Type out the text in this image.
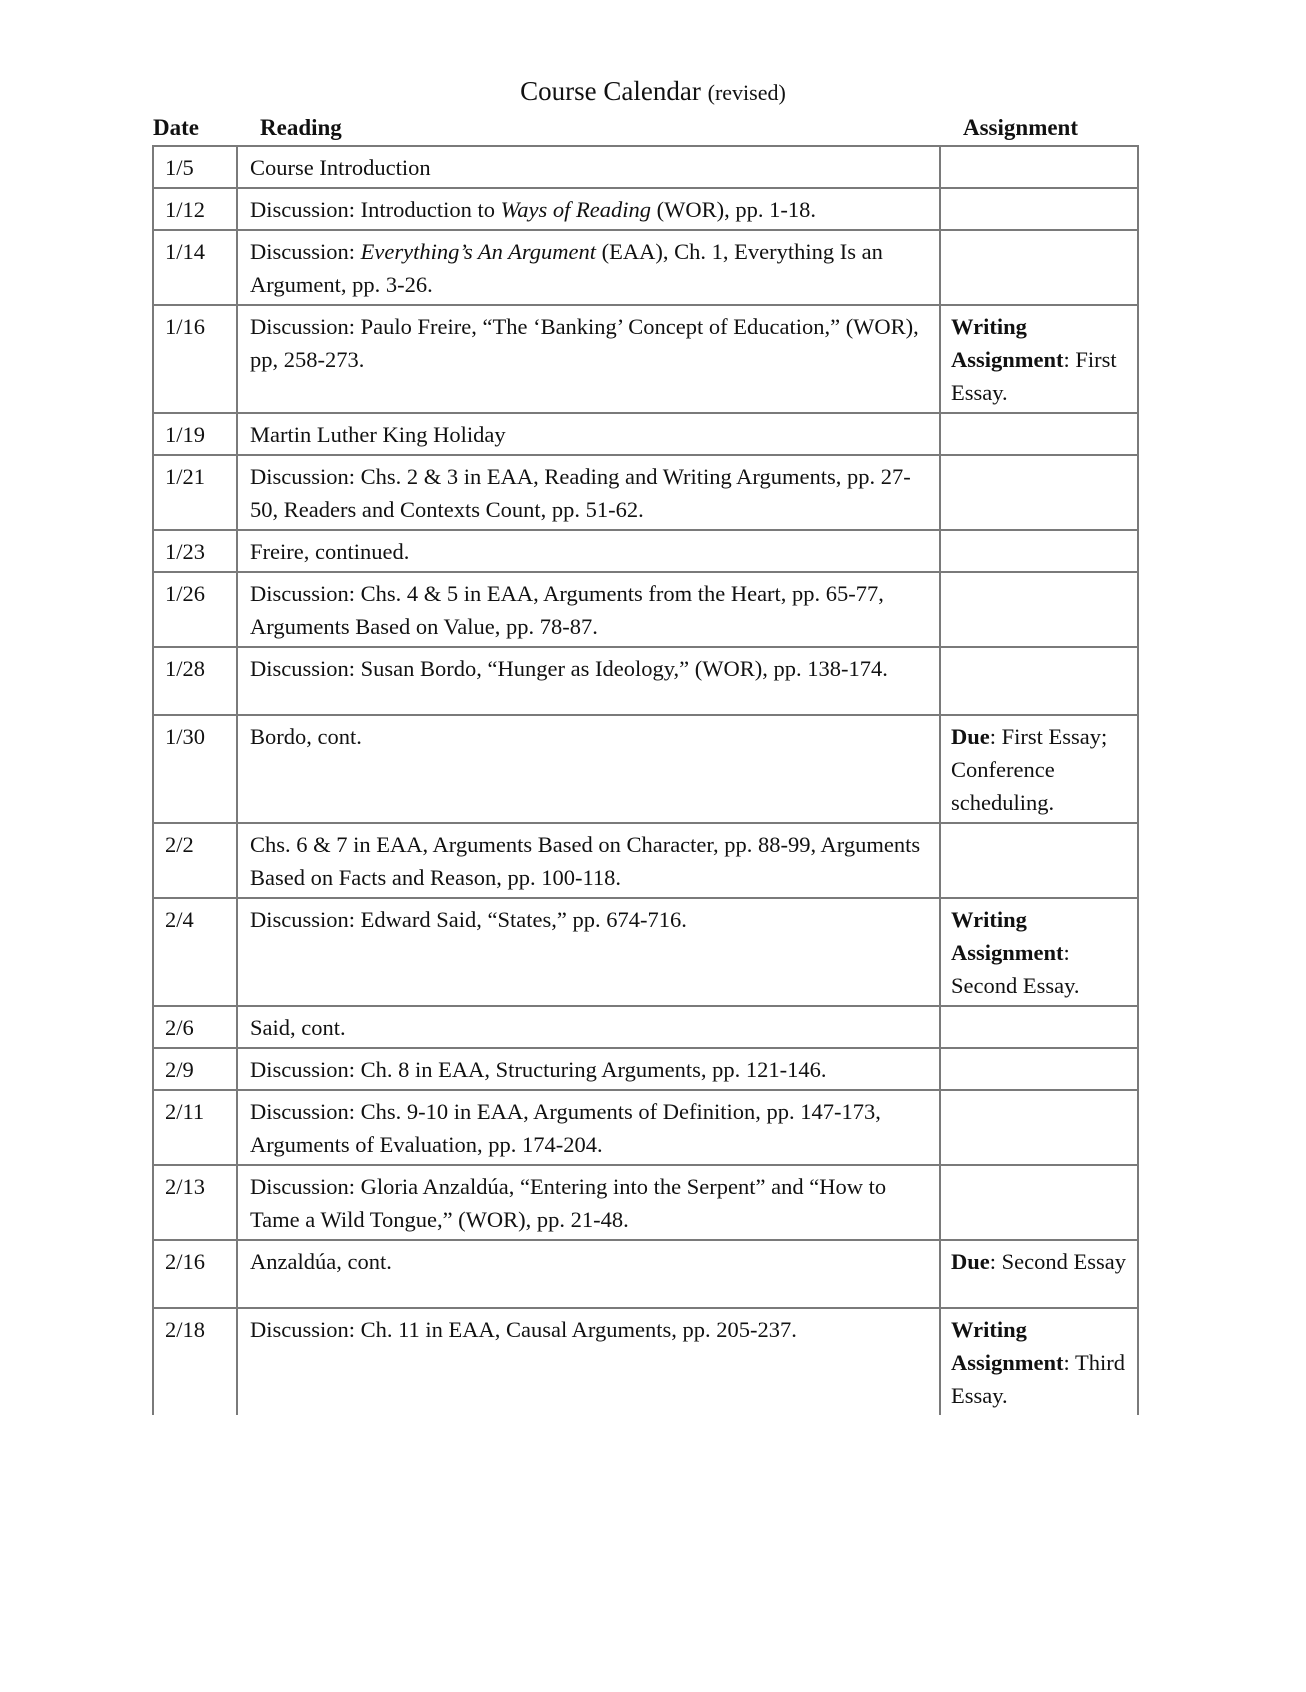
Course Calendar (revised)
Date	Reading	Assignment
1/5	Course Introduction	
1/12	Discussion: Introduction to Ways of Reading (WOR), pp. 1-18.	
1/14	Discussion: Everything’s An Argument (EAA), Ch. 1, Everything Is an Argument, pp. 3-26.	
1/16	Discussion: Paulo Freire, “The ‘Banking’ Concept of Education,” (WOR), pp, 258-273.	Writing Assignment: First Essay.
1/19	Martin Luther King Holiday	
1/21	Discussion: Chs. 2 & 3 in EAA, Reading and Writing Arguments, pp. 27-50, Readers and Contexts Count, pp. 51-62.	
1/23	Freire, continued.	
1/26	Discussion: Chs. 4 & 5 in EAA, Arguments from the Heart, pp. 65-77, Arguments Based on Value, pp. 78-87.	
1/28	Discussion: Susan Bordo, “Hunger as Ideology,” (WOR), pp. 138-174.	
1/30	Bordo, cont.	Due: First Essay; Conference scheduling.
2/2	Chs. 6 & 7 in EAA, Arguments Based on Character, pp. 88-99, Arguments Based on Facts and Reason, pp. 100-118.	
2/4	Discussion: Edward Said, “States,” pp. 674-716.	Writing Assignment: Second Essay.
2/6	Said, cont.	
2/9	Discussion: Ch. 8 in EAA, Structuring Arguments, pp. 121-146.	
2/11	Discussion: Chs. 9-10 in EAA, Arguments of Definition, pp. 147-173, Arguments of Evaluation, pp. 174-204.	
2/13	Discussion: Gloria Anzaldúa, “Entering into the Serpent” and “How to Tame a Wild Tongue,” (WOR), pp. 21-48.	
2/16	Anzaldúa, cont.	Due: Second Essay
2/18	Discussion: Ch. 11 in EAA, Causal Arguments, pp. 205-237.	Writing Assignment: Third Essay.
